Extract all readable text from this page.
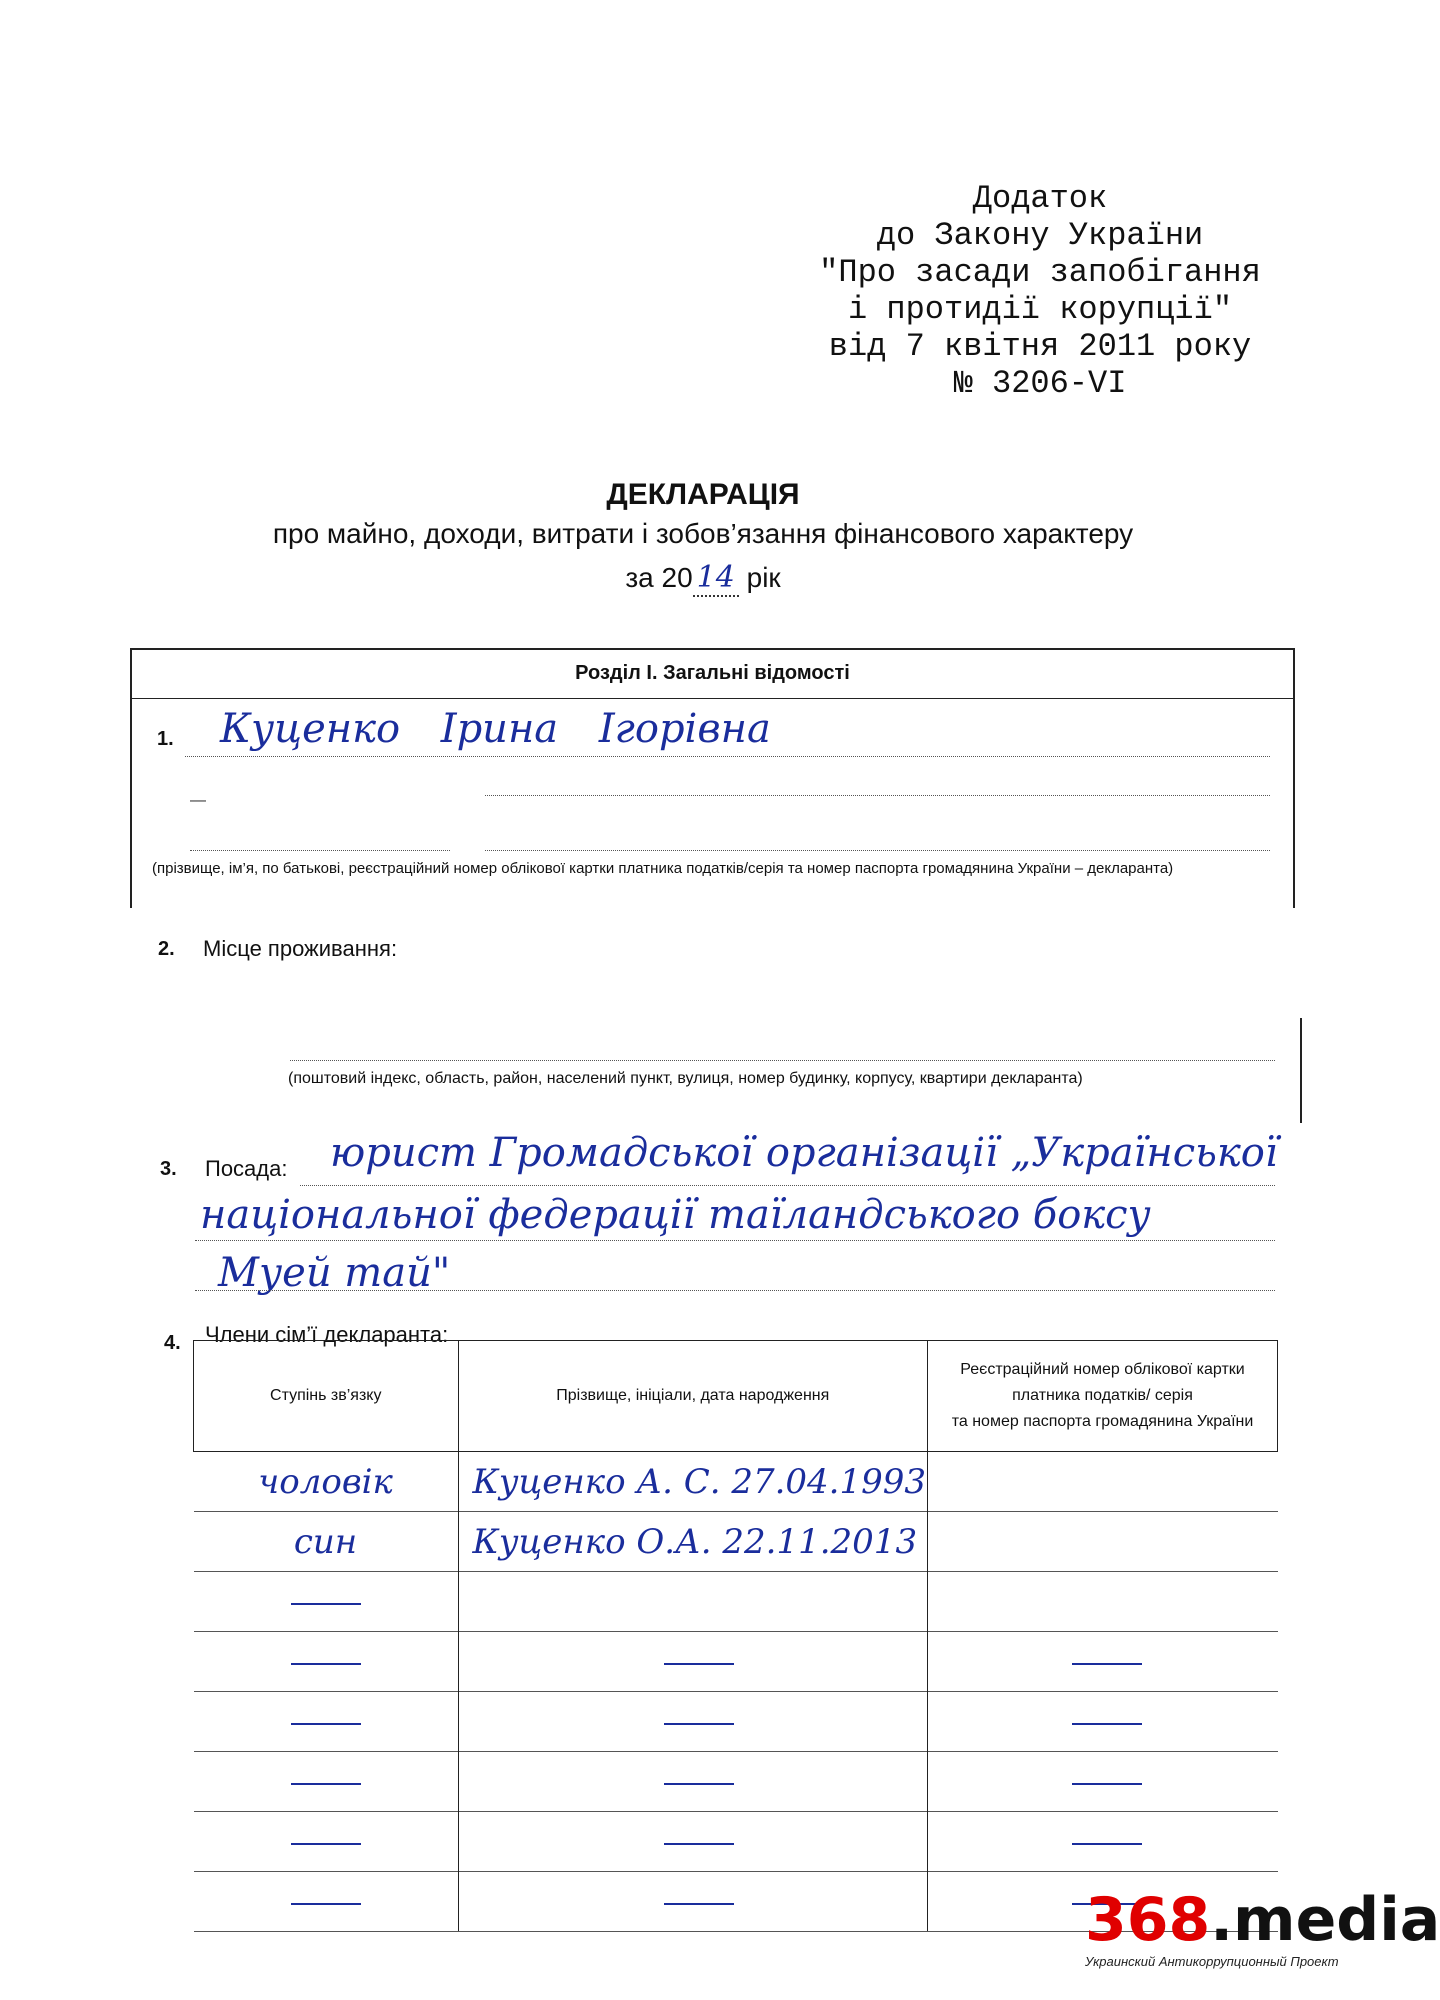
Додаток
до Закону України
"Про засади запобігання
і протидії корупції"
від 7 квітня 2011 року
№ 3206-VI
ДЕКЛАРАЦІЯ
про майно, доходи, витрати і зобов’язання фінансового характеру
за 20 14 рік
Розділ І. Загальні відомості
1. Куценко Ірина Ігорівна
—
(прізвище, ім’я, по батькові, реєстраційний номер облікової картки платника податків/серія та номер паспорта громадянина України – декларанта)
2. Місце проживання:
(поштовий індекс, область, район, населений пункт, вулиця, номер будинку, корпусу, квартири декларанта)
3. Посада: юрист Громадської організації „Української
національної федерації таїландського боксу
Муей тай"
4. Члени сім’ї декларанта:
Ступінь зв’язку	Прізвище, ініціали, дата народження	Реєстраційний номер облікової картки
платника податків/ серія
та номер паспорта громадянина України

чоловік	Куценко А. С. 27.04.1993	
син	Куценко О.А. 22.11.2013	

368.media
Украинский Антикоррупционный Проект
